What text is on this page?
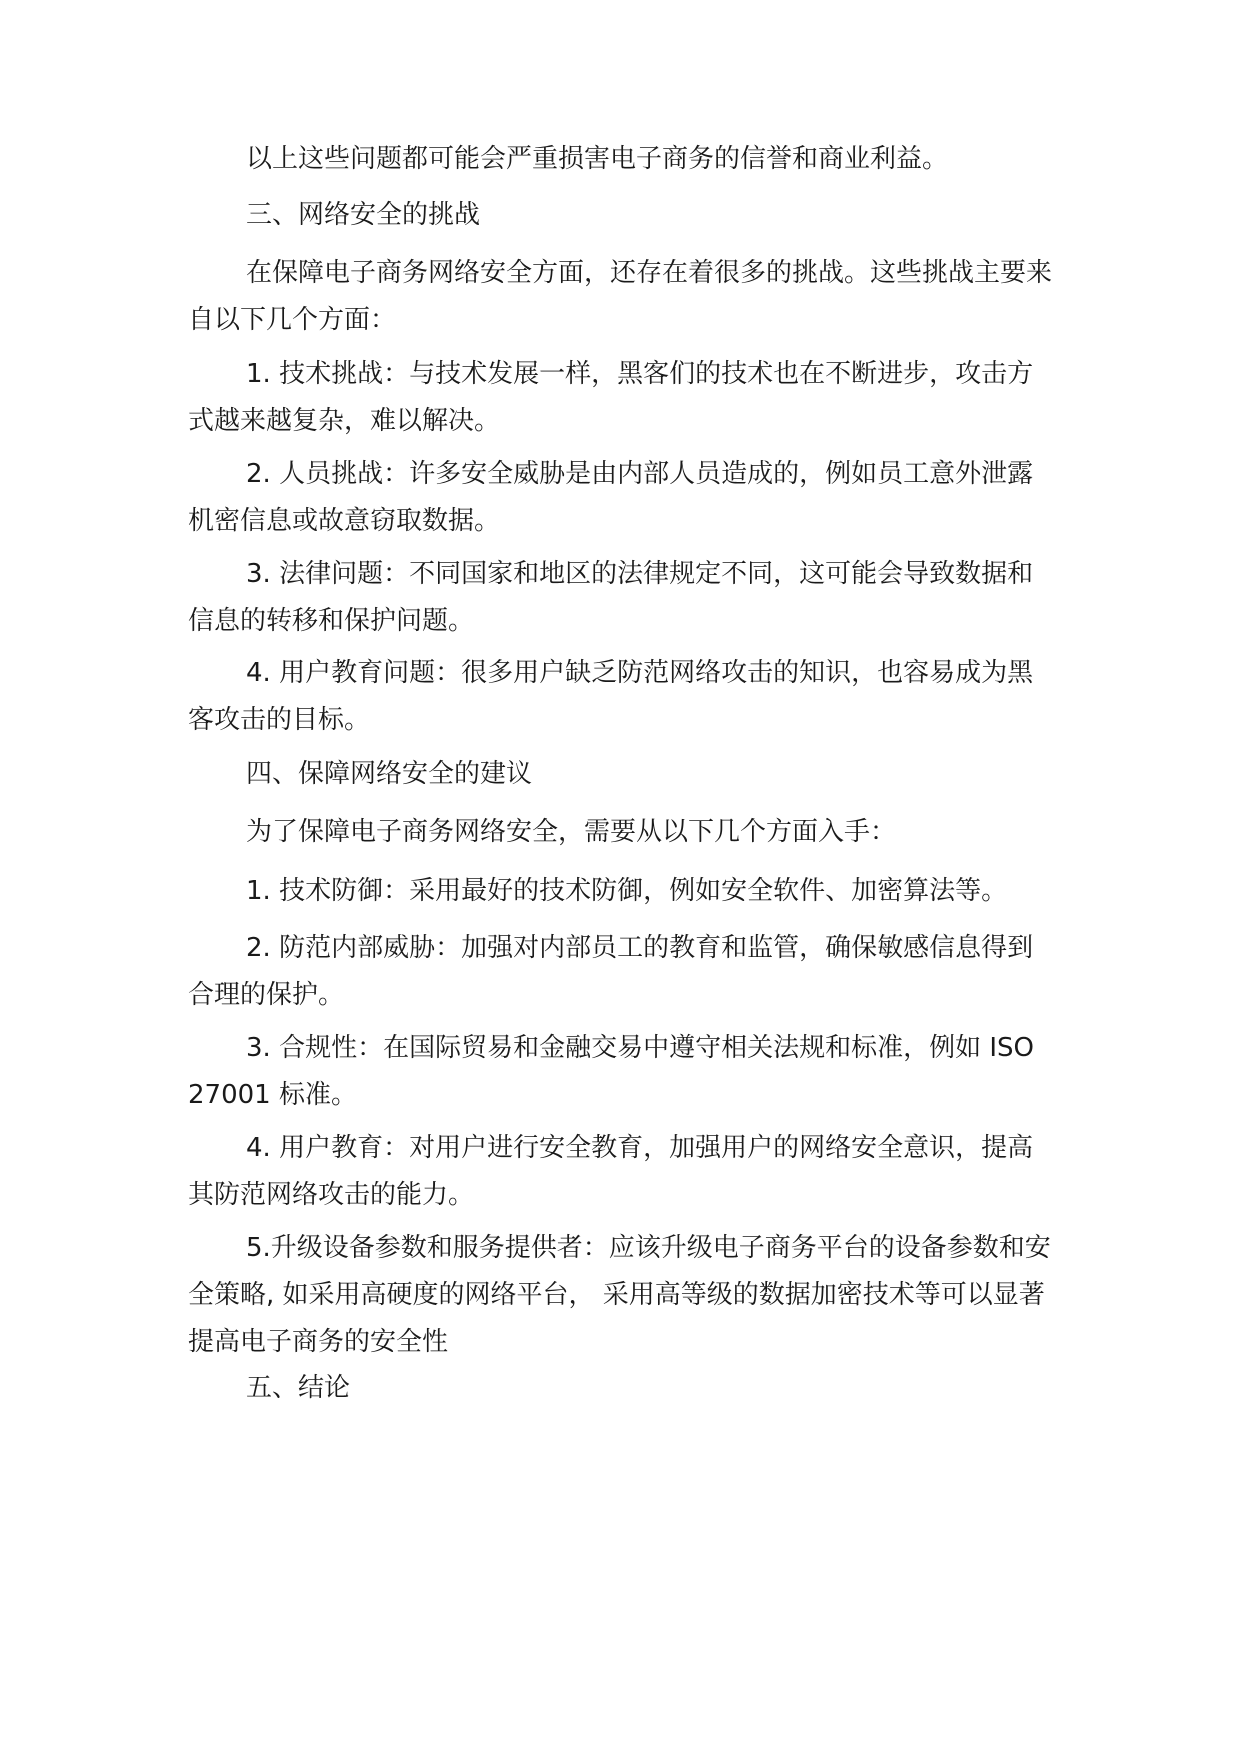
以上这些问题都可能会严重损害电子商务的信誉和商业利益。

三、网络安全的挑战

在保障电子商务网络安全方面，还存在着很多的挑战。这些挑战主要来自以下几个方面：

1. 技术挑战：与技术发展一样，黑客们的技术也在不断进步，攻击方式越来越复杂，难以解决。

2. 人员挑战：许多安全威胁是由内部人员造成的，例如员工意外泄露机密信息或故意窃取数据。

3. 法律问题：不同国家和地区的法律规定不同，这可能会导致数据和信息的转移和保护问题。

4. 用户教育问题：很多用户缺乏防范网络攻击的知识，也容易成为黑客攻击的目标。

四、保障网络安全的建议

为了保障电子商务网络安全，需要从以下几个方面入手：

1. 技术防御：采用最好的技术防御，例如安全软件、加密算法等。

2. 防范内部威胁：加强对内部员工的教育和监管，确保敏感信息得到合理的保护。

3. 合规性：在国际贸易和金融交易中遵守相关法规和标准，例如 ISO 27001 标准。

4. 用户教育：对用户进行安全教育，加强用户的网络安全意识，提高其防范网络攻击的能力。

5.升级设备参数和服务提供者：应该升级电子商务平台的设备参数和安全策略, 如采用高硬度的网络平台， 采用高等级的数据加密技术等可以显著提高电子商务的安全性

五、结论
